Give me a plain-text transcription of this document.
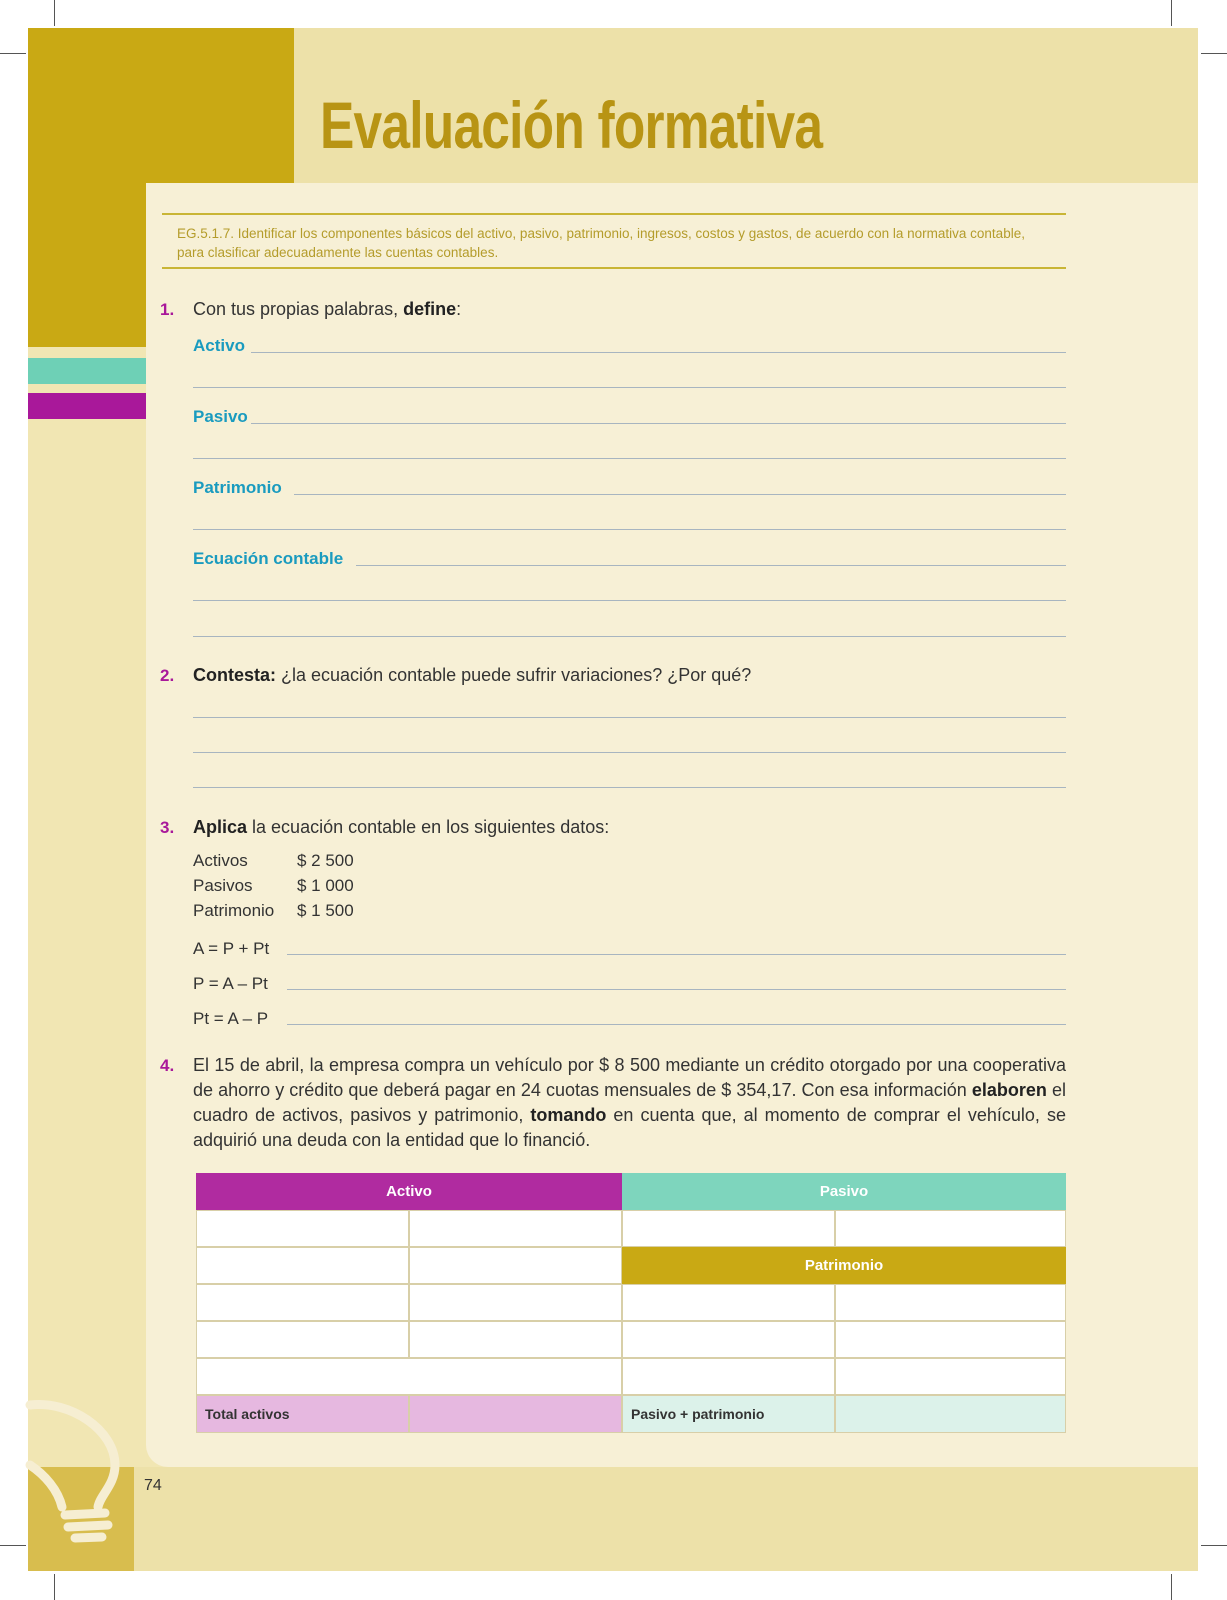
Evaluación formativa
EG.5.1.7. Identificar los componentes básicos del activo, pasivo, patrimonio, ingresos, costos y gastos, de acuerdo con la normativa contable, para clasificar adecuadamente las cuentas contables.
1. Con tus propias palabras, define:
Activo
Pasivo
Patrimonio
Ecuación contable
2. Contesta: ¿la ecuación contable puede sufrir variaciones? ¿Por qué?
3. Aplica la ecuación contable en los siguientes datos:
Activos	$ 2 500
Pasivos	$ 1 000
Patrimonio $ 1 500
A = P + Pt
P = A – Pt
Pt = A – P
4. El 15 de abril, la empresa compra un vehículo por $ 8 500 mediante un crédito otorgado por una cooperativa de ahorro y crédito que deberá pagar en 24 cuotas mensuales de $ 354,17. Con esa información elaboren el cuadro de activos, pasivos y patrimonio, tomando en cuenta que, al momento de comprar el vehículo, se adquirió una deuda con la entidad que lo financió.
Activo	Pasivo
Patrimonio
Total activos	Pasivo + patrimonio
74
